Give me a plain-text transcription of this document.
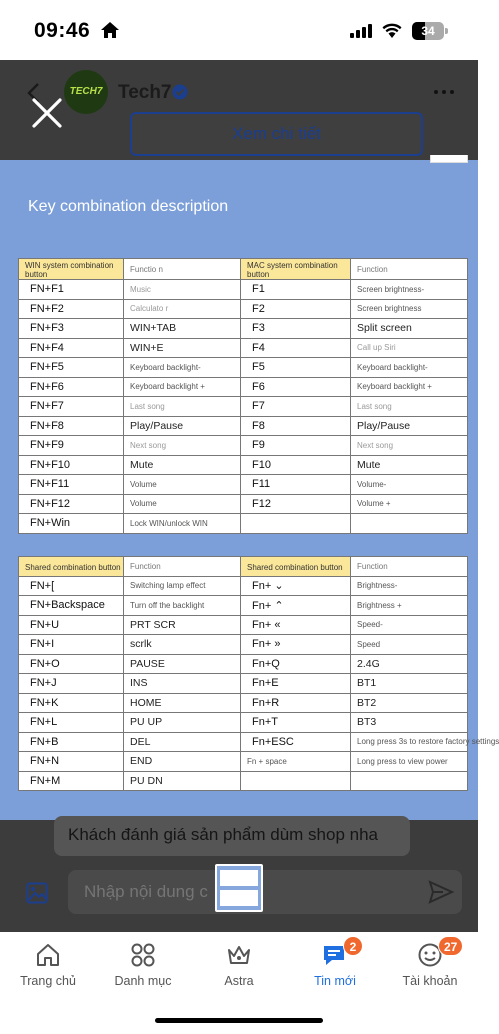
09:46	34
TECH7 Tech7
Xem chi tiết
Key combination description
WIN system combination button	Functio n	MAC system combination button	Function
FN+F1	Music	F1	Screen brightness-
FN+F2	Calculato r	F2	Screen brightness
FN+F3	WIN+TAB	F3	Split screen
FN+F4	WIN+E	F4	Call up Siri
FN+F5	Keyboard backlight-	F5	Keyboard backlight-
FN+F6	Keyboard backlight +	F6	Keyboard backlight +
FN+F7	Last song	F7	Last song
FN+F8	Play/Pause	F8	Play/Pause
FN+F9	Next song	F9	Next song
FN+F10	Mute	F10	Mute
FN+F11	Volume	F11	Volume-
FN+F12	Volume	F12	Volume +
FN+Win	Lock WIN/unlock WIN		
Shared combination button	Function	Shared combination button	Function
FN+[	Switching lamp effect	Fn+ ⌄	Brightness-
FN+Backspace	Turn off the backlight	Fn+ ⌃	Brightness +
FN+U	PRT SCR	Fn+ «	Speed-
FN+I	scrlk	Fn+ »	Speed
FN+O	PAUSE	Fn+Q	2.4G
FN+J	INS	Fn+E	BT1
FN+K	HOME	Fn+R	BT2
FN+L	PU UP	Fn+T	BT3
FN+B	DEL	Fn+ESC	Long press 3s to restore factory settings
FN+N	END	Fn + space	Long press to view power
FN+M	PU DN		
Khách đánh giá sản phẩm dùm shop nha
Nhập nội dung c
Trang chủ	Danh mục	Astra
2
Tin mới
27
Tài khoản
